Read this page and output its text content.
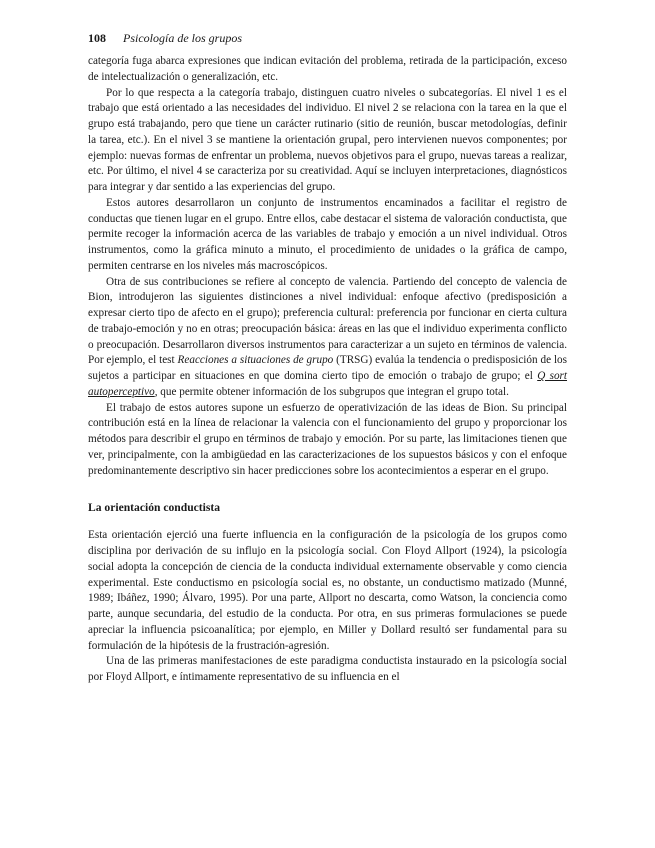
108 Psicología de los grupos

categoría fuga abarca expresiones que indican evitación del problema, retirada de la participación, exceso de intelectualización o generalización, etc.

Por lo que respecta a la categoría trabajo, distinguen cuatro niveles o subcategorías. El nivel 1 es el trabajo que está orientado a las necesidades del individuo. El nivel 2 se relaciona con la tarea en la que el grupo está trabajando, pero que tiene un carácter rutinario (sitio de reunión, buscar metodologías, definir la tarea, etc.). En el nivel 3 se mantiene la orientación grupal, pero intervienen nuevos componentes; por ejemplo: nuevas formas de enfrentar un problema, nuevos objetivos para el grupo, nuevas tareas a realizar, etc. Por último, el nivel 4 se caracteriza por su creatividad. Aquí se incluyen interpretaciones, diagnósticos para integrar y dar sentido a las experiencias del grupo.

Estos autores desarrollaron un conjunto de instrumentos encaminados a facilitar el registro de conductas que tienen lugar en el grupo. Entre ellos, cabe destacar el sistema de valoración conductista, que permite recoger la información acerca de las variables de trabajo y emoción a un nivel individual. Otros instrumentos, como la gráfica minuto a minuto, el procedimiento de unidades o la gráfica de campo, permiten centrarse en los niveles más macroscópicos.

Otra de sus contribuciones se refiere al concepto de valencia. Partiendo del concepto de valencia de Bion, introdujeron las siguientes distinciones a nivel individual: enfoque afectivo (predisposición a expresar cierto tipo de afecto en el grupo); preferencia cultural: preferencia por funcionar en cierta cultura de trabajo-emoción y no en otras; preocupación básica: áreas en las que el individuo experimenta conflicto o preocupación. Desarrollaron diversos instrumentos para caracterizar a un sujeto en términos de valencia. Por ejemplo, el test Reacciones a situaciones de grupo (TRSG) evalúa la tendencia o predisposición de los sujetos a participar en situaciones en que domina cierto tipo de emoción o trabajo de grupo; el Q sort autoperceptivo, que permite obtener información de los subgrupos que integran el grupo total.

El trabajo de estos autores supone un esfuerzo de operativización de las ideas de Bion. Su principal contribución está en la línea de relacionar la valencia con el funcionamiento del grupo y proporcionar los métodos para describir el grupo en términos de trabajo y emoción. Por su parte, las limitaciones tienen que ver, principalmente, con la ambigüedad en las caracterizaciones de los supuestos básicos y con el enfoque predominantemente descriptivo sin hacer predicciones sobre los acontecimientos a esperar en el grupo.

La orientación conductista

Esta orientación ejerció una fuerte influencia en la configuración de la psicología de los grupos como disciplina por derivación de su influjo en la psicología social. Con Floyd Allport (1924), la psicología social adopta la concepción de ciencia de la conducta individual externamente observable y como ciencia experimental. Este conductismo en psicología social es, no obstante, un conductismo matizado (Munné, 1989; Ibáñez, 1990; Álvaro, 1995). Por una parte, Allport no descarta, como Watson, la conciencia como parte, aunque secundaria, del estudio de la conducta. Por otra, en sus primeras formulaciones se puede apreciar la influencia psicoanalítica; por ejemplo, en Miller y Dollard resultó ser fundamental para su formulación de la hipótesis de la frustración-agresión.

Una de las primeras manifestaciones de este paradigma conductista instaurado en la psicología social por Floyd Allport, e íntimamente representativo de su influencia en el
